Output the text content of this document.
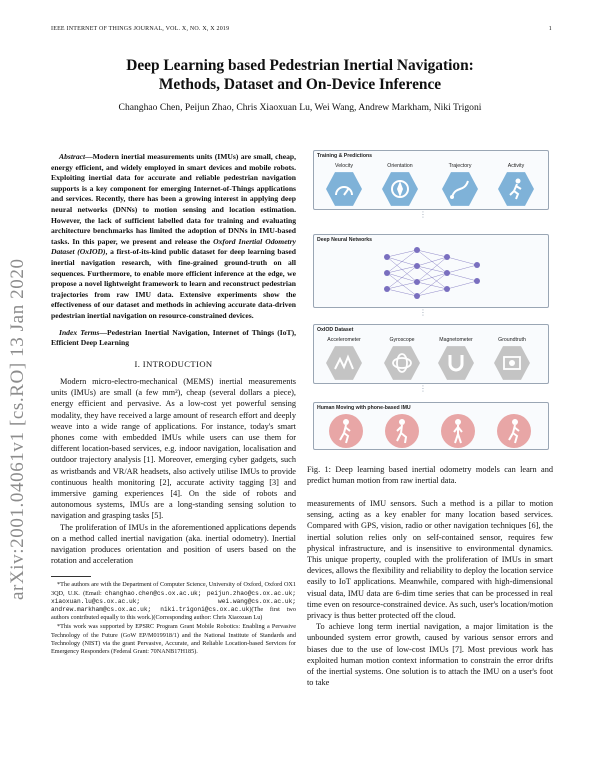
IEEE INTERNET OF THINGS JOURNAL, VOL. X, NO. X, X 2019	1
Deep Learning based Pedestrian Inertial Navigation:
Methods, Dataset and On-Device Inference
Changhao Chen, Peijun Zhao, Chris Xiaoxuan Lu, Wei Wang, Andrew Markham, Niki Trigoni
arXiv:2001.04061v1 [cs.RO] 13 Jan 2020

Abstract—Modern inertial measurements units (IMUs) are small, cheap, energy efficient, and widely employed in smart devices and mobile robots. Exploiting inertial data for accurate and reliable pedestrian navigation supports is a key component for emerging Internet-of-Things applications and services. Recently, there has been a growing interest in applying deep neural networks (DNNs) to motion sensing and location estimation. However, the lack of sufficient labelled data for training and evaluating architecture benchmarks has limited the adoption of DNNs in IMU-based tasks. In this paper, we present and release the Oxford Inertial Odometry Dataset (OxIOD), a first-of-its-kind public dataset for deep learning based inertial navigation research, with fine-grained ground-truth on all sequences. Furthermore, to enable more efficient inference at the edge, we propose a novel lightweight framework to learn and reconstruct pedestrian trajectories from raw IMU data. Extensive experiments show the effectiveness of our dataset and methods in achieving accurate data-driven pedestrian inertial navigation on resource-constrained devices.

Index Terms—Pedestrian Inertial Navigation, Internet of Things (IoT), Efficient Deep Learning

I. INTRODUCTION

Modern micro-electro-mechanical (MEMS) inertial measurements units (IMUs) are small (a few mm²), cheap (several dollars a piece), energy efficient and pervasive. As a low-cost yet powerful sensing modality, they have received a large amount of research effort and deeply weave into a wide range of applications. For instance, today's smart phones come with embedded IMUs while users can use them for different location-based services, e.g. indoor navigation, localisation and outdoor trajectory analysis [1]. Moreover, emerging cyber gadgets, such as wristbands and VR/AR headsets, also actively utilise IMUs to provide continuous health monitoring [2], accurate activity tagging [3] and immersive gaming experiences [4]. On the side of robots and autonomous systems, IMUs are a long-standing sensing solution to navigation and grasping tasks [5].

The proliferation of IMUs in the aforementioned applications depends on a method called inertial navigation (aka. inertial odometry). Inertial navigation produces orientation and position of users based on the rotation and acceleration

*The authors are with the Department of Computer Science, University of Oxford, Oxford OX1 3QD, U.K. (Email: changhao.chen@cs.ox.ac.uk; peijun.zhao@cs.ox.ac.uk; xiaoxuan.lu@cs.ox.ac.uk; wei.wang@cs.ox.ac.uk; andrew.markham@cs.ox.ac.uk; niki.trigoni@cs.ox.ac.uk)(The first two authors contributed equally to this work.)(Corresponding author: Chris Xiaoxuan Lu)

*This work was supported by EPSRC Program Grant Mobile Robotics: Enabling a Pervasive Technology of the Future (GoW EP/M019918/1) and the National Institute of Standards and Technology (NIST) via the grant Pervasive, Accurate, and Reliable Location-based Services for Emergency Responders (Federal Grant: 70NANB17H185).

Training & Predictions
Velocity	Orientation	Trajectory	Activity
⋮
Deep Neural Networks
⋮
OxIOD Dataset
Accelerometer	Gyroscope	Magnetometer	Groundtruth
⋮
Human Moving with phone-based IMU
Fig. 1: Deep learning based inertial odometry models can learn and predict human motion from raw inertial data.

measurements of IMU sensors. Such a method is a pillar to motion sensing, acting as a key enabler for many location based services. Compared with GPS, vision, radio or other navigation techniques [6], the inertial solution relies only on self-contained sensor, requires few physical infrastructure, and is insensitive to environmental dynamics. This unique property, coupled with the proliferation of IMUs in smart devices, allows the flexibility and reliability to deploy the location service easily to IoT applications. Meanwhile, compared with high-dimensional visual data, IMU data are 6-dim time series that can be processed in real time even on resource-constrained device. As such, user's location/motion privacy is thus better protected off the cloud.

To achieve long term inertial navigation, a major limitation is the unbounded system error growth, caused by various sensor errors and biases due to the use of low-cost IMUs [7]. Most previous work has exploited human motion context information to constrain the error drifts of the inertial systems. One solution is to attach the IMU on a user's foot to take
